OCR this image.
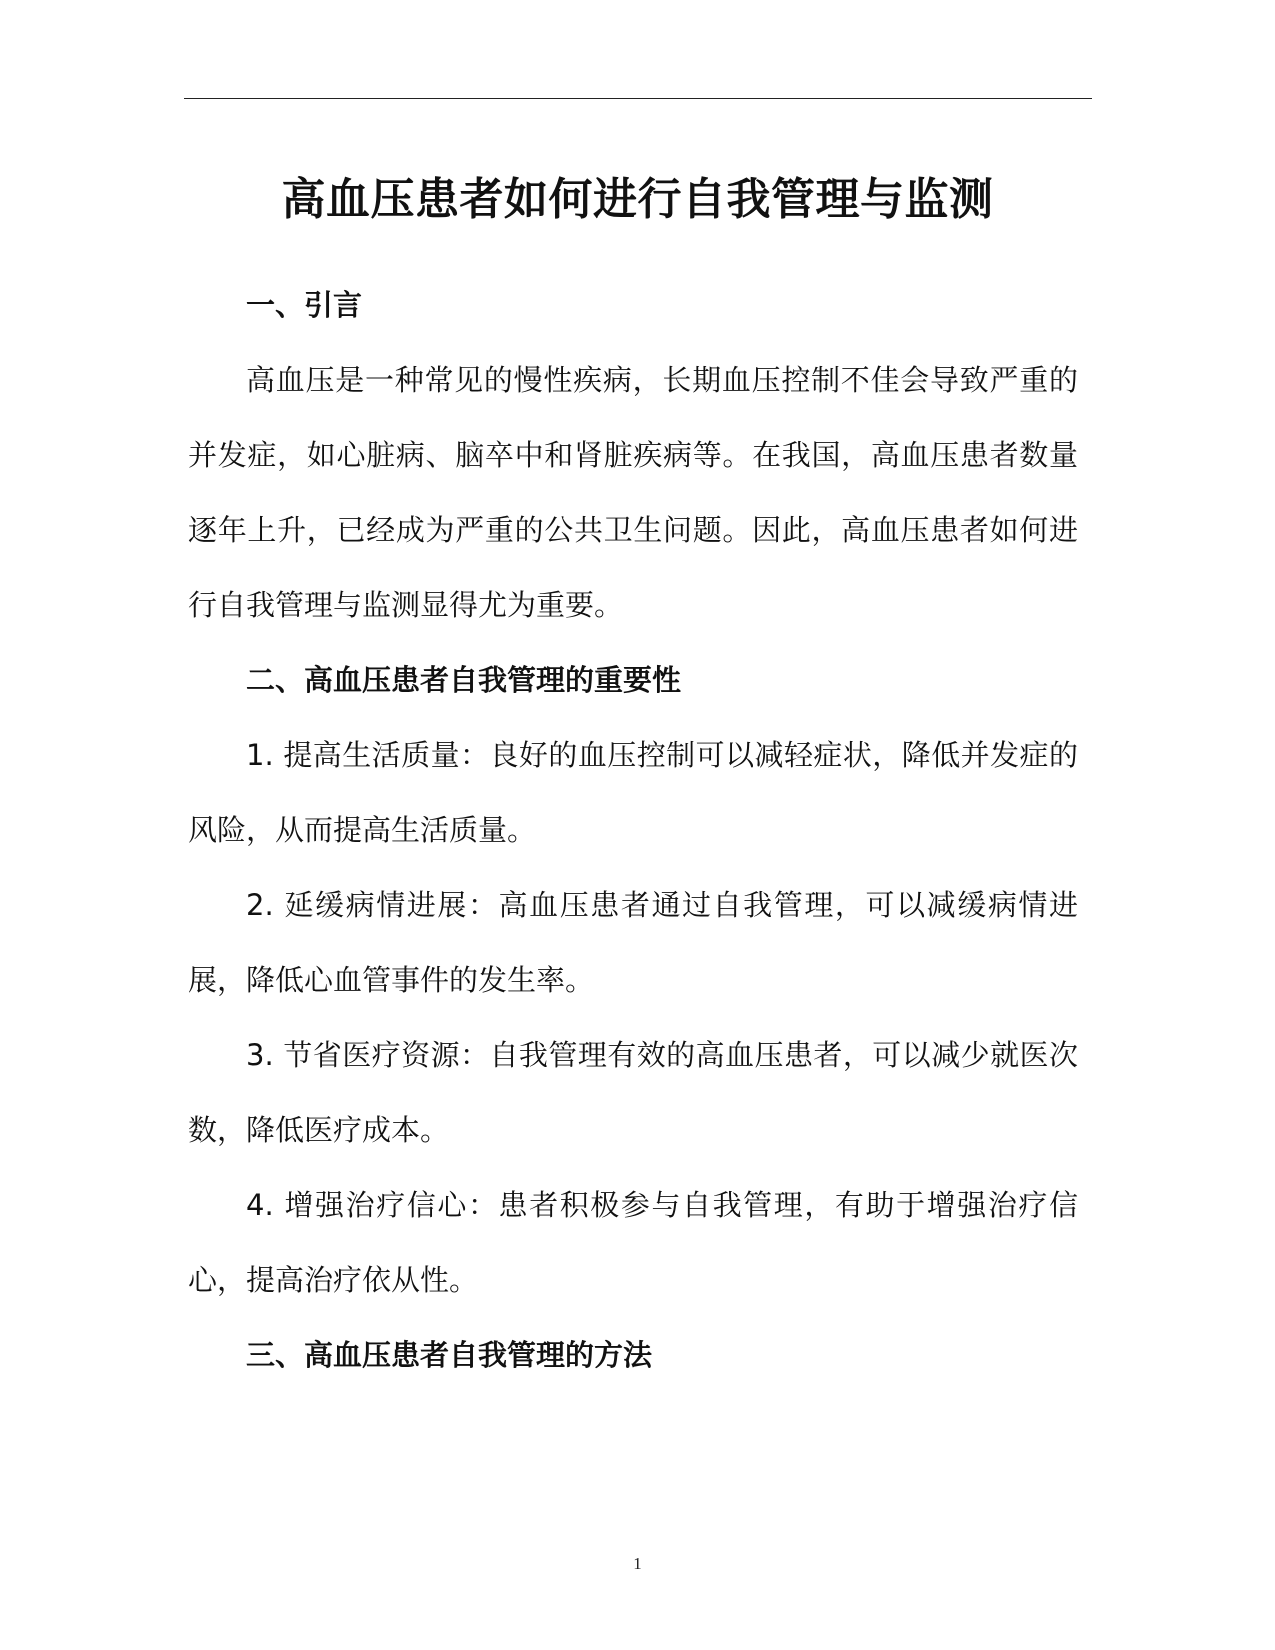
高血压患者如何进行自我管理与监测

一、引言

高血压是一种常见的慢性疾病，长期血压控制不佳会导致严重的并发症，如心脏病、脑卒中和肾脏疾病等。在我国，高血压患者数量逐年上升，已经成为严重的公共卫生问题。因此，高血压患者如何进行自我管理与监测显得尤为重要。

二、高血压患者自我管理的重要性

1. 提高生活质量：良好的血压控制可以减轻症状，降低并发症的风险，从而提高生活质量。

2. 延缓病情进展：高血压患者通过自我管理，可以减缓病情进展，降低心血管事件的发生率。

3. 节省医疗资源：自我管理有效的高血压患者，可以减少就医次数，降低医疗成本。

4. 增强治疗信心：患者积极参与自我管理，有助于增强治疗信心，提高治疗依从性。

三、高血压患者自我管理的方法

1
